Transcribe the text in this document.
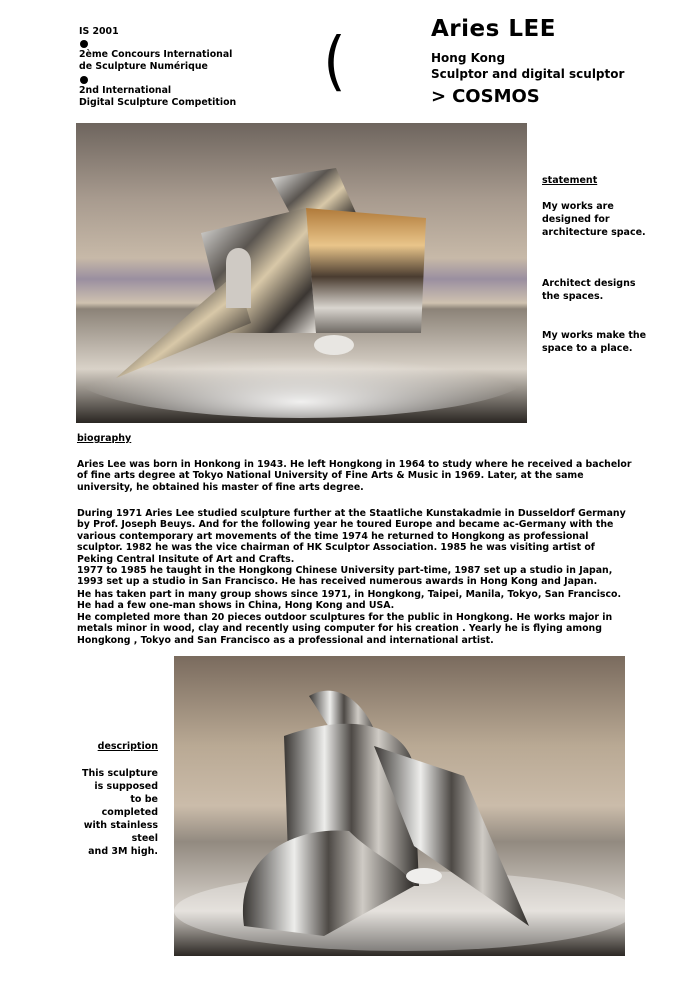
IS 2001
2ème Concours International
de Sculpture Numérique
2nd International
Digital Sculpture Competition
(	Aries LEE
Hong Kong
Sculptor and digital sculptor
> COSMOS
statement
My works are designed for architecture space.
Architect designs the spaces.
My works make the space to a place.
biography
Aries Lee was born in Honkong in 1943. He left Hongkong in 1964 to study where he received a bachelor of fine arts degree at Tokyo National University of Fine Arts & Music in 1969. Later, at the same university, he obtained his master of fine arts degree.
During 1971 Aries Lee studied sculpture further at the Staatliche Kunstakadmie in Dusseldorf Germany by Prof. Joseph Beuys. And for the following year he toured Europe and became ac-Germany with the various contemporary art movements of the time 1974 he returned to Hongkong as professional sculptor. 1982 he was the vice chairman of HK Sculptor Association. 1985 he was visiting artist of Peking Central Insitute of Art and Crafts.
1977 to 1985 he taught in the Hongkong Chinese University part-time, 1987 set up a studio in Japan, 1993 set up a studio in San Francisco. He has received numerous awards in Hong Kong and Japan.
He has taken part in many group shows since 1971, in Hongkong, Taipei, Manila, Tokyo, San Francisco. He had a few one-man shows in China, Hong Kong and USA.
He completed more than 20 pieces outdoor sculptures for the public in Hongkong. He works major in metals minor in wood, clay and recently using computer for his creation . Yearly he is flying among Hongkong , Tokyo and San Francisco as a professional and international artist.
description
This sculpture
is supposed
to be
completed
with stainless
steel
and 3M high.
